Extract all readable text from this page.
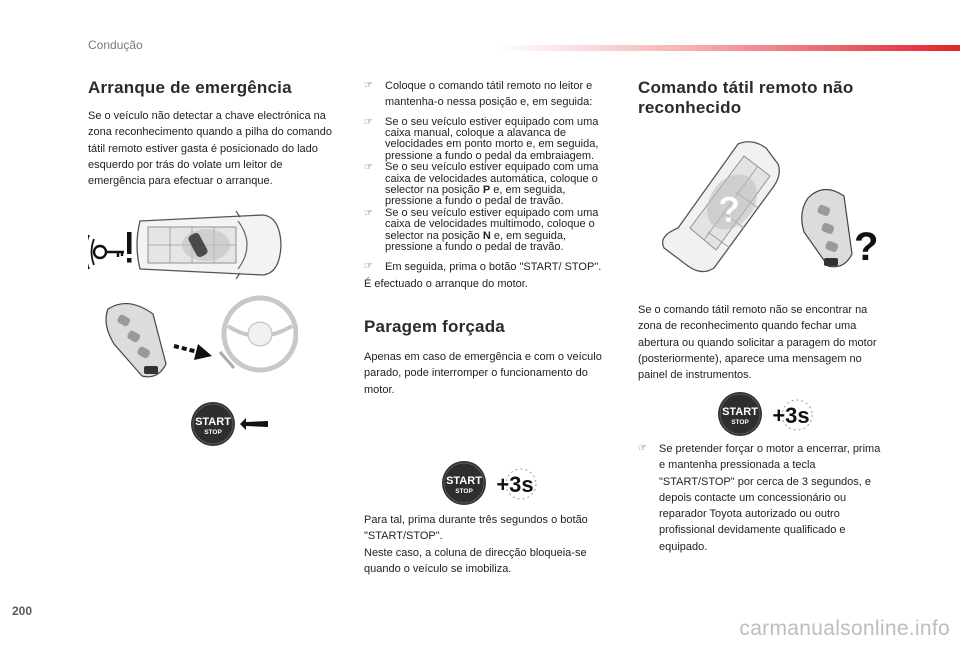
Condução
Arranque de emergência

Se o veículo não detectar a chave electrónica na zona reconhecimento quando a pilha do comando tátil remoto estiver gasta é posicionado do lado esquerdo por trás do volate um leitor de emergência para efectuar o arranque.

START
STOP
☞ Coloque o comando tátil remoto no leitor e mantenha-o nessa posição e, em seguida:
☞ Se o seu veículo estiver equipado com uma caixa manual, coloque a alavanca de velocidades em ponto morto e, em seguida, pressione a fundo o pedal da embraiagem.
☞ Se o seu veículo estiver equipado com uma caixa de velocidades automática, coloque o selector na posição P e, em seguida, pressione a fundo o pedal de travão.
☞ Se o seu veículo estiver equipado com uma caixa de velocidades multimodo, coloque o selector na posição N e, em seguida, pressione a fundo o pedal de travão.
☞ Em seguida, prima o botão "START/ STOP".

É efectuado o arranque do motor.

Paragem forçada

Apenas em caso de emergência e com o veículo parado, pode interromper o funcionamento do motor.

START
STOP +3s

Para tal, prima durante três segundos o botão "START/STOP".

Neste caso, a coluna de direcção bloqueia-se quando o veículo se imobiliza.

Comando tátil remoto não reconhecido
?
?

Se o comando tátil remoto não se encontrar na zona de reconhecimento quando fechar uma abertura ou quando solicitar a paragem do motor (posteriormente), aparece uma mensagem no painel de instrumentos.

START
STOP +3s
☞ Se pretender forçar o motor a encerrar, prima e mantenha pressionada a tecla "START/STOP" por cerca de 3 segundos, e depois contacte um concessionário ou reparador Toyota autorizado ou outro profissional devidamente qualificado e equipado.
200
carmanualsonline.info
